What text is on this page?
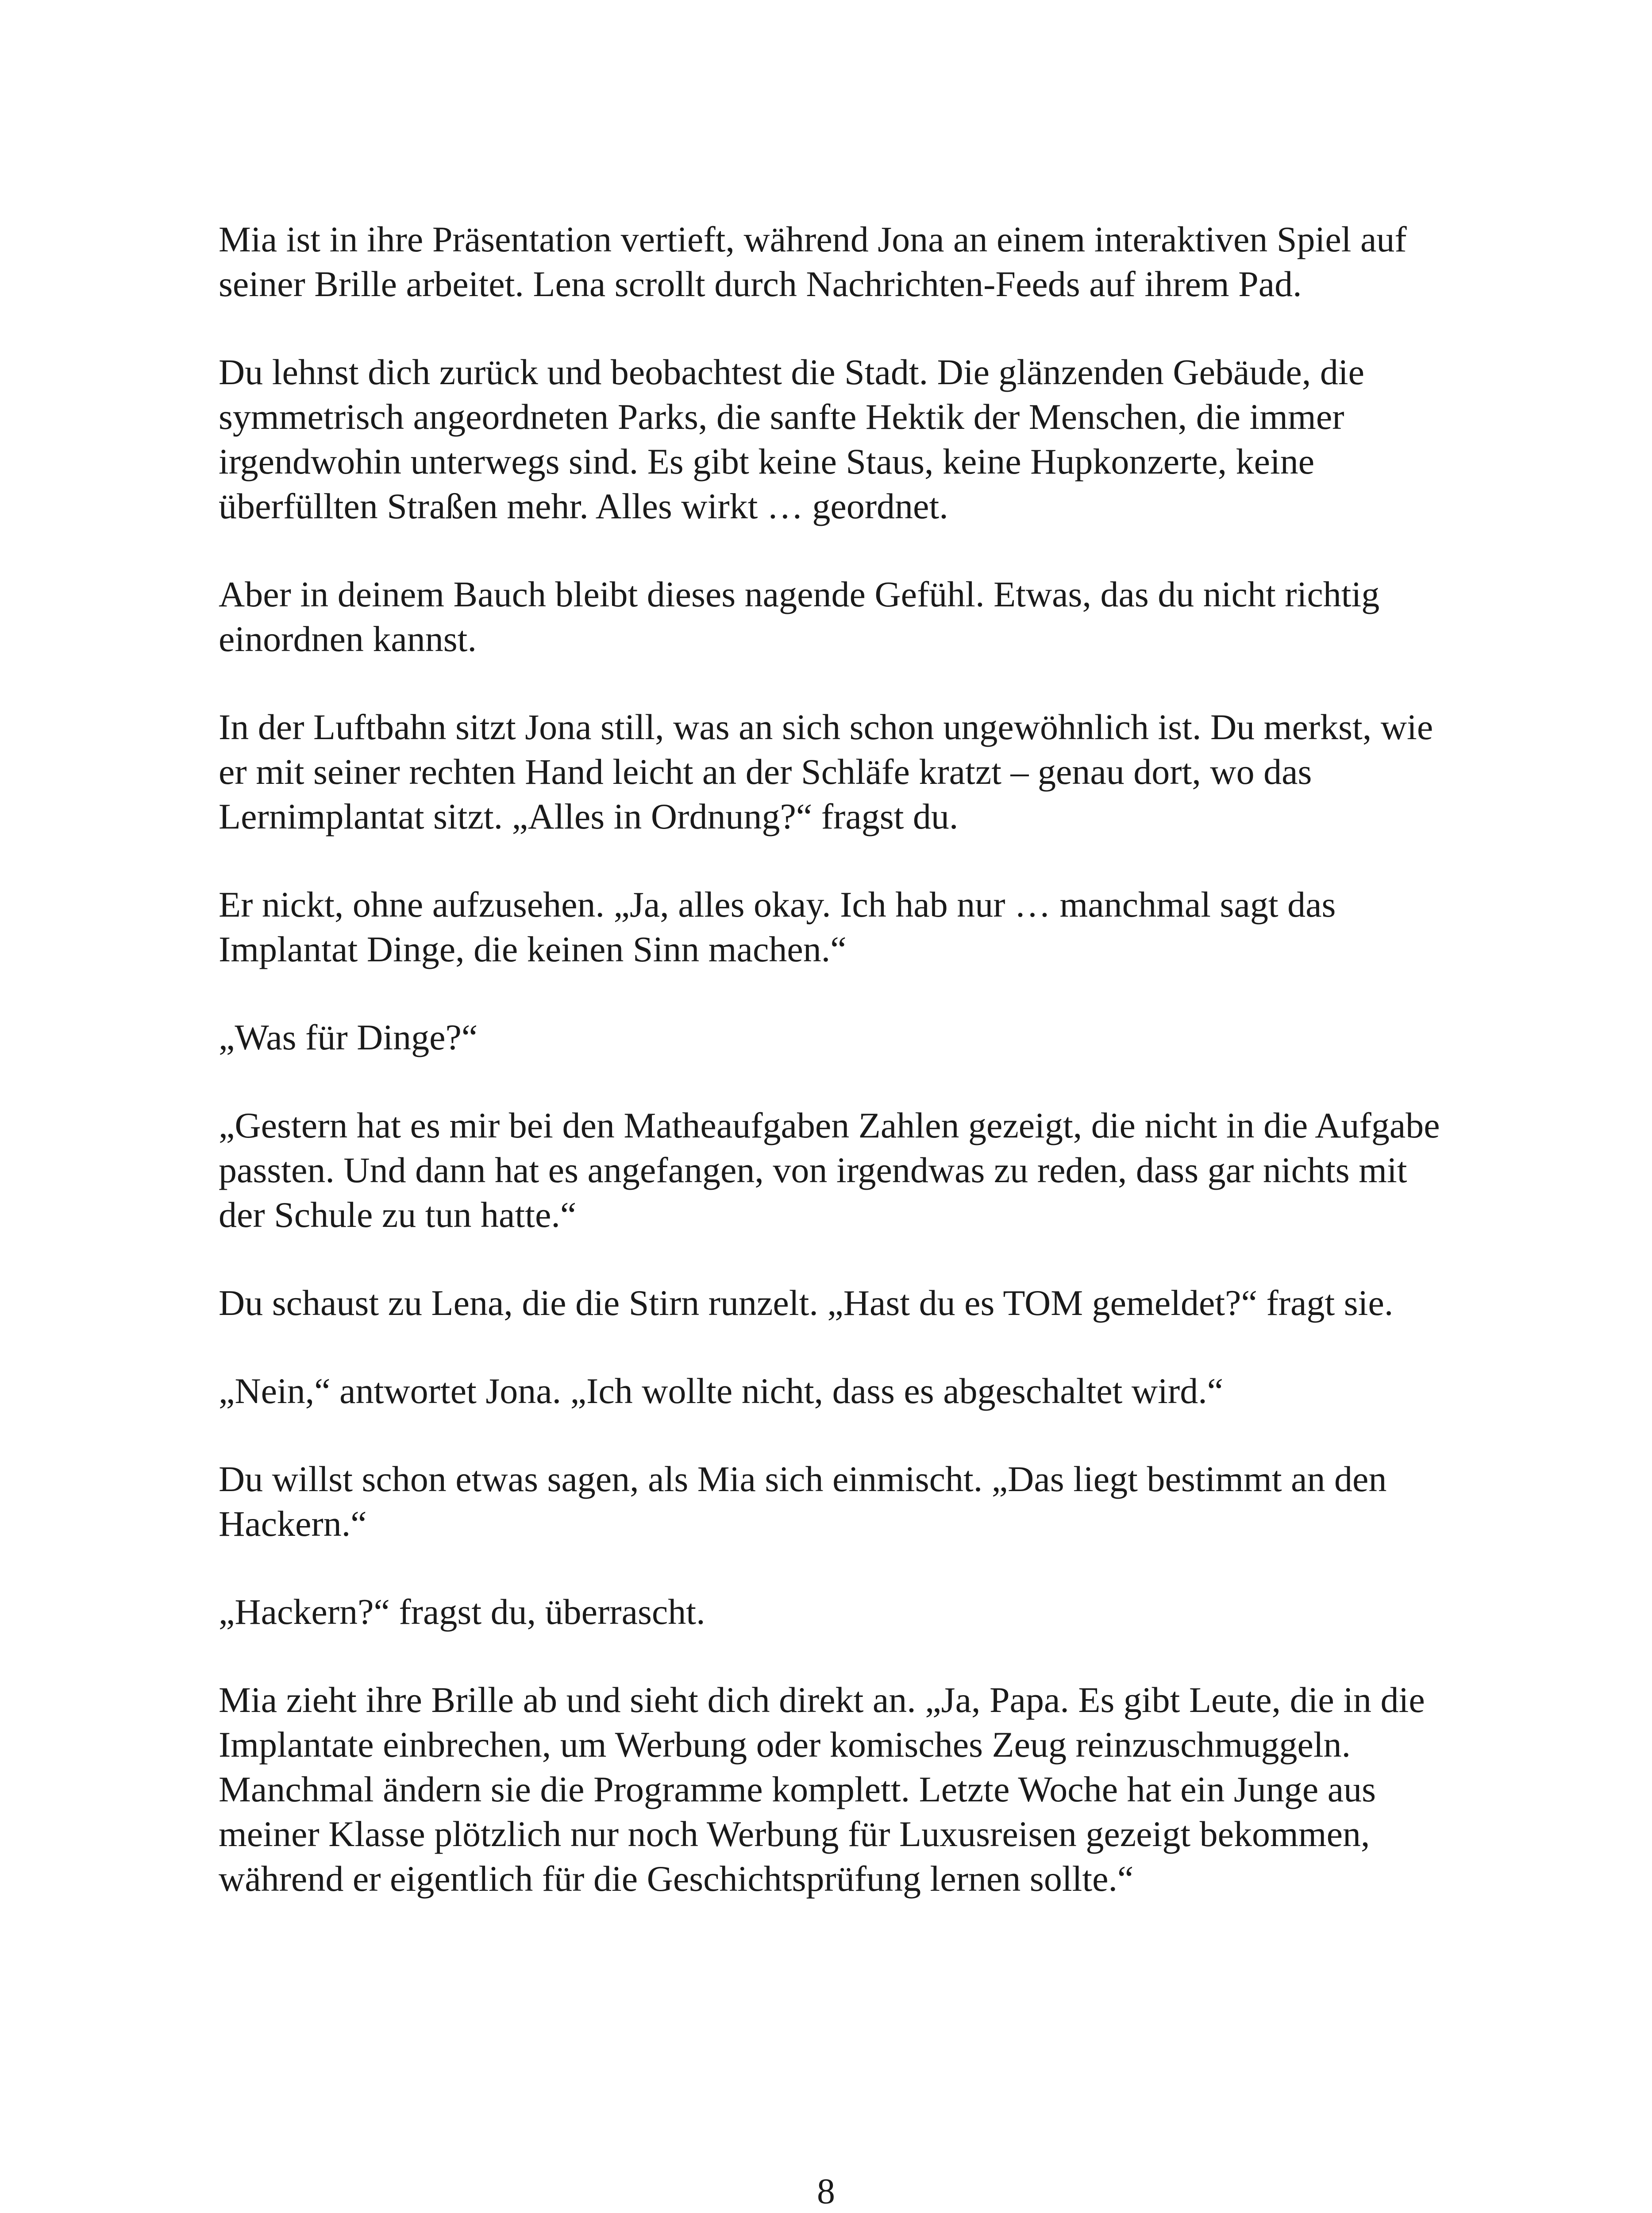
Mia ist in ihre Präsentation vertieft, während Jona an einem interaktiven Spiel auf seiner Brille arbeitet. Lena scrollt durch Nachrichten-Feeds auf ihrem Pad.

Du lehnst dich zurück und beobachtest die Stadt. Die glänzenden Gebäude, die symmetrisch angeordneten Parks, die sanfte Hektik der Menschen, die immer irgendwohin unterwegs sind. Es gibt keine Staus, keine Hupkonzerte, keine überfüllten Straßen mehr. Alles wirkt … geordnet.

Aber in deinem Bauch bleibt dieses nagende Gefühl. Etwas, das du nicht richtig einordnen kannst.

In der Luftbahn sitzt Jona still, was an sich schon ungewöhnlich ist. Du merkst, wie er mit seiner rechten Hand leicht an der Schläfe kratzt – genau dort, wo das Lernimplantat sitzt. „Alles in Ordnung?“ fragst du.

Er nickt, ohne aufzusehen. „Ja, alles okay. Ich hab nur … manchmal sagt das Implantat Dinge, die keinen Sinn machen.“

„Was für Dinge?“

„Gestern hat es mir bei den Matheaufgaben Zahlen gezeigt, die nicht in die Aufgabe passten. Und dann hat es angefangen, von irgendwas zu reden, dass gar nichts mit der Schule zu tun hatte.“

Du schaust zu Lena, die die Stirn runzelt. „Hast du es TOM gemeldet?“ fragt sie.

„Nein,“ antwortet Jona. „Ich wollte nicht, dass es abgeschaltet wird.“

Du willst schon etwas sagen, als Mia sich einmischt. „Das liegt bestimmt an den Hackern.“

„Hackern?“ fragst du, überrascht.

Mia zieht ihre Brille ab und sieht dich direkt an. „Ja, Papa. Es gibt Leute, die in die Implantate einbrechen, um Werbung oder komisches Zeug reinzuschmuggeln. Manchmal ändern sie die Programme komplett. Letzte Woche hat ein Junge aus meiner Klasse plötzlich nur noch Werbung für Luxusreisen gezeigt bekommen, während er eigentlich für die Geschichtsprüfung lernen sollte.“

8
